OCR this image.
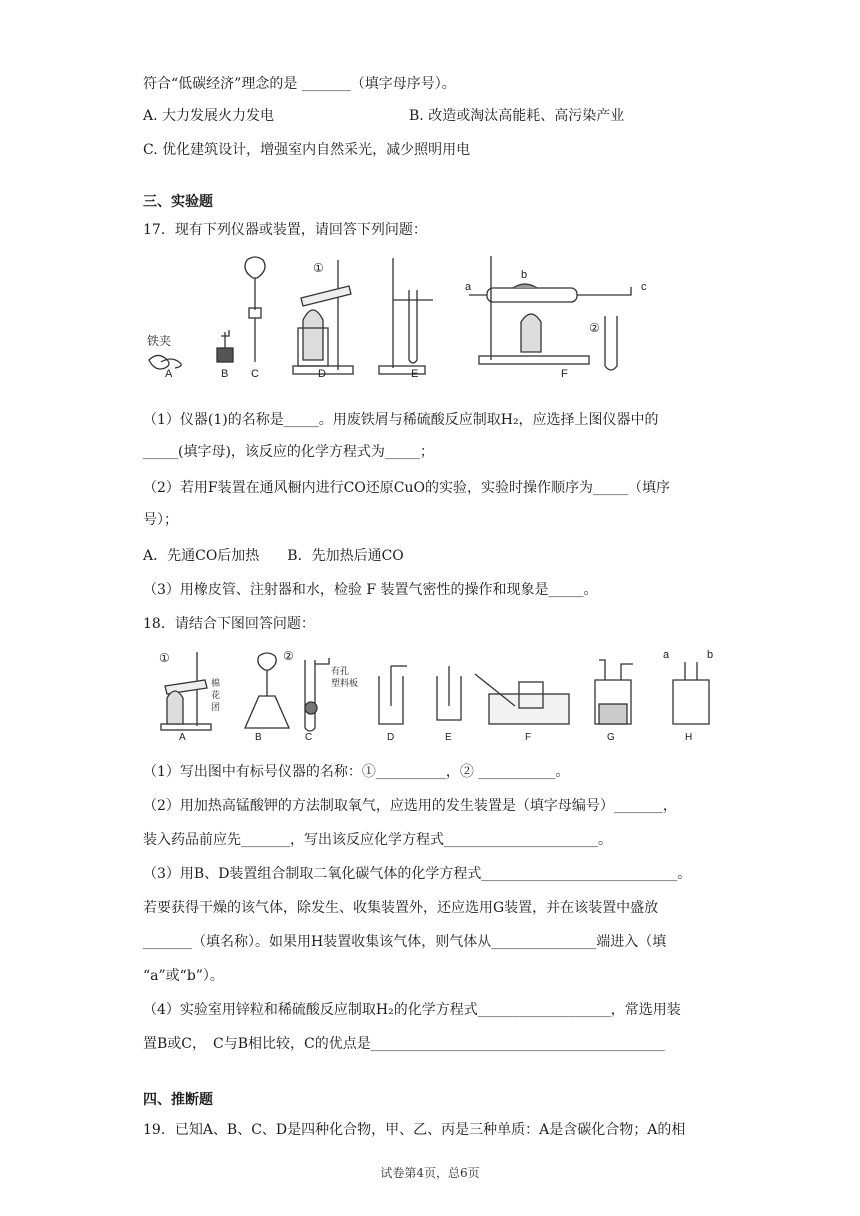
符合“低碳经济”理念的是 _______（填字母序号）。
A. 大力发展火力发电	B. 改造或淘汰高能耗、高污染产业
C. 优化建筑设计，增强室内自然采光，减少照明用电
三、实验题
17．现有下列仪器或装置，请回答下列问题：
铁夹
A	B C
①
D	E
a
b
c
②
F
（1）仪器(1)的名称是_____。用废铁屑与稀硫酸反应制取H₂，应选择上图仪器中的
_____(填字母)，该反应的化学方程式为_____；
（2）若用F装置在通风橱内进行CO还原CuO的实验，实验时操作顺序为_____（填序
号）；
A．先通CO后加热　　B．先加热后通CO
（3）用橡皮管、注射器和水，检验 F 装置气密性的操作和现象是_____。
18．请结合下图回答问题：
①
棉
花
团
A	B
②
有孔
塑料板
C	D	E	F	G
a	b
H
（1）写出图中有标号仪器的名称：①__________，② ___________。
（2）用加热高锰酸钾的方法制取氧气，应选用的发生装置是（填字母编号）_______，
装入药品前应先_______，写出该反应化学方程式______________________。
（3）用B、D装置组合制取二氧化碳气体的化学方程式____________________________。
若要获得干燥的该气体，除发生、收集装置外，还应选用G装置，并在该装置中盛放
_______（填名称）。如果用H装置收集该气体，则气体从_______________端进入（填
“a”或“b”）。
（4）实验室用锌粒和稀硫酸反应制取H₂的化学方程式___________________，常选用装
置B或C，　C与B相比较，C的优点是__________________________________________
四、推断题
19．已知A、B、C、D是四种化合物，甲、乙、丙是三种单质：A是含碳化合物；A的相
试卷第4页，总6页
